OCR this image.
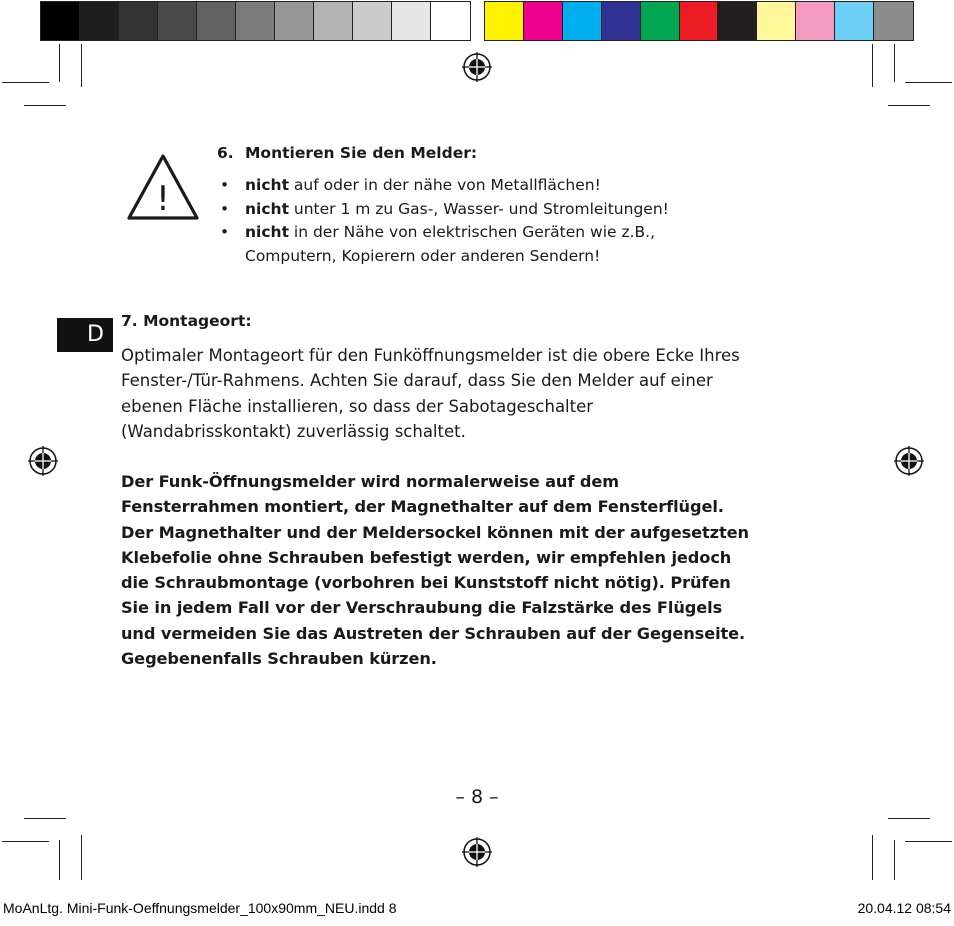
!

6. Montieren Sie den Melder:

• nicht auf oder in der nähe von Metallflächen!
• nicht unter 1 m zu Gas-, Wasser- und Stromleitungen!
• nicht in der Nähe von elektrischen Geräten wie z.B., Computern, Kopierern oder anderen Sendern!
D

7. Montageort:

Optimaler Montageort für den Funköffnungsmelder ist die obere Ecke Ihres Fenster-/Tür-Rahmens. Achten Sie darauf, dass Sie den Melder auf einer ebenen Fläche installieren, so dass der Sabotageschalter (Wandabrisskontakt) zuverlässig schaltet.

Der Funk-Öffnungsmelder wird normalerweise auf dem
Fensterrahmen montiert, der Magnethalter auf dem Fensterflügel.
Der Magnethalter und der Meldersockel können mit der aufgesetzten
Klebefolie ohne Schrauben befestigt werden, wir empfehlen jedoch
die Schraubmontage (vorbohren bei Kunststoff nicht nötig). Prüfen
Sie in jedem Fall vor der Verschraubung die Falzstärke des Flügels
und vermeiden Sie das Austreten der Schrauben auf der Gegenseite.
Gegebenenfalls Schrauben kürzen.
– 8 –
MoAnLtg. Mini-Funk-Oeffnungsmelder_100x90mm_NEU.indd 8	20.04.12 08:54
